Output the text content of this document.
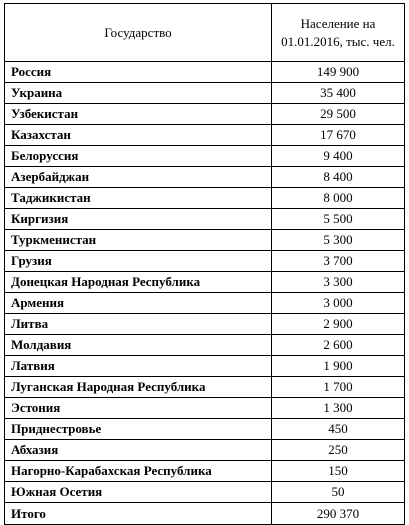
Государство	Население на
01.01.2016, тыс. чел.
Россия	149 900
Украина	35 400
Узбекистан	29 500
Казахстан	17 670
Белоруссия	9 400
Азербайджан	8 400
Таджикистан	8 000
Киргизия	5 500
Туркменистан	5 300
Грузия	3 700
Донецкая Народная Республика	3 300
Армения	3 000
Литва	2 900
Молдавия	2 600
Латвия	1 900
Луганская Народная Республика	1 700
Эстония	1 300
Приднестровье	450
Абхазия	250
Нагорно-Карабахская Республика	150
Южная Осетия	50
Итого	290 370
